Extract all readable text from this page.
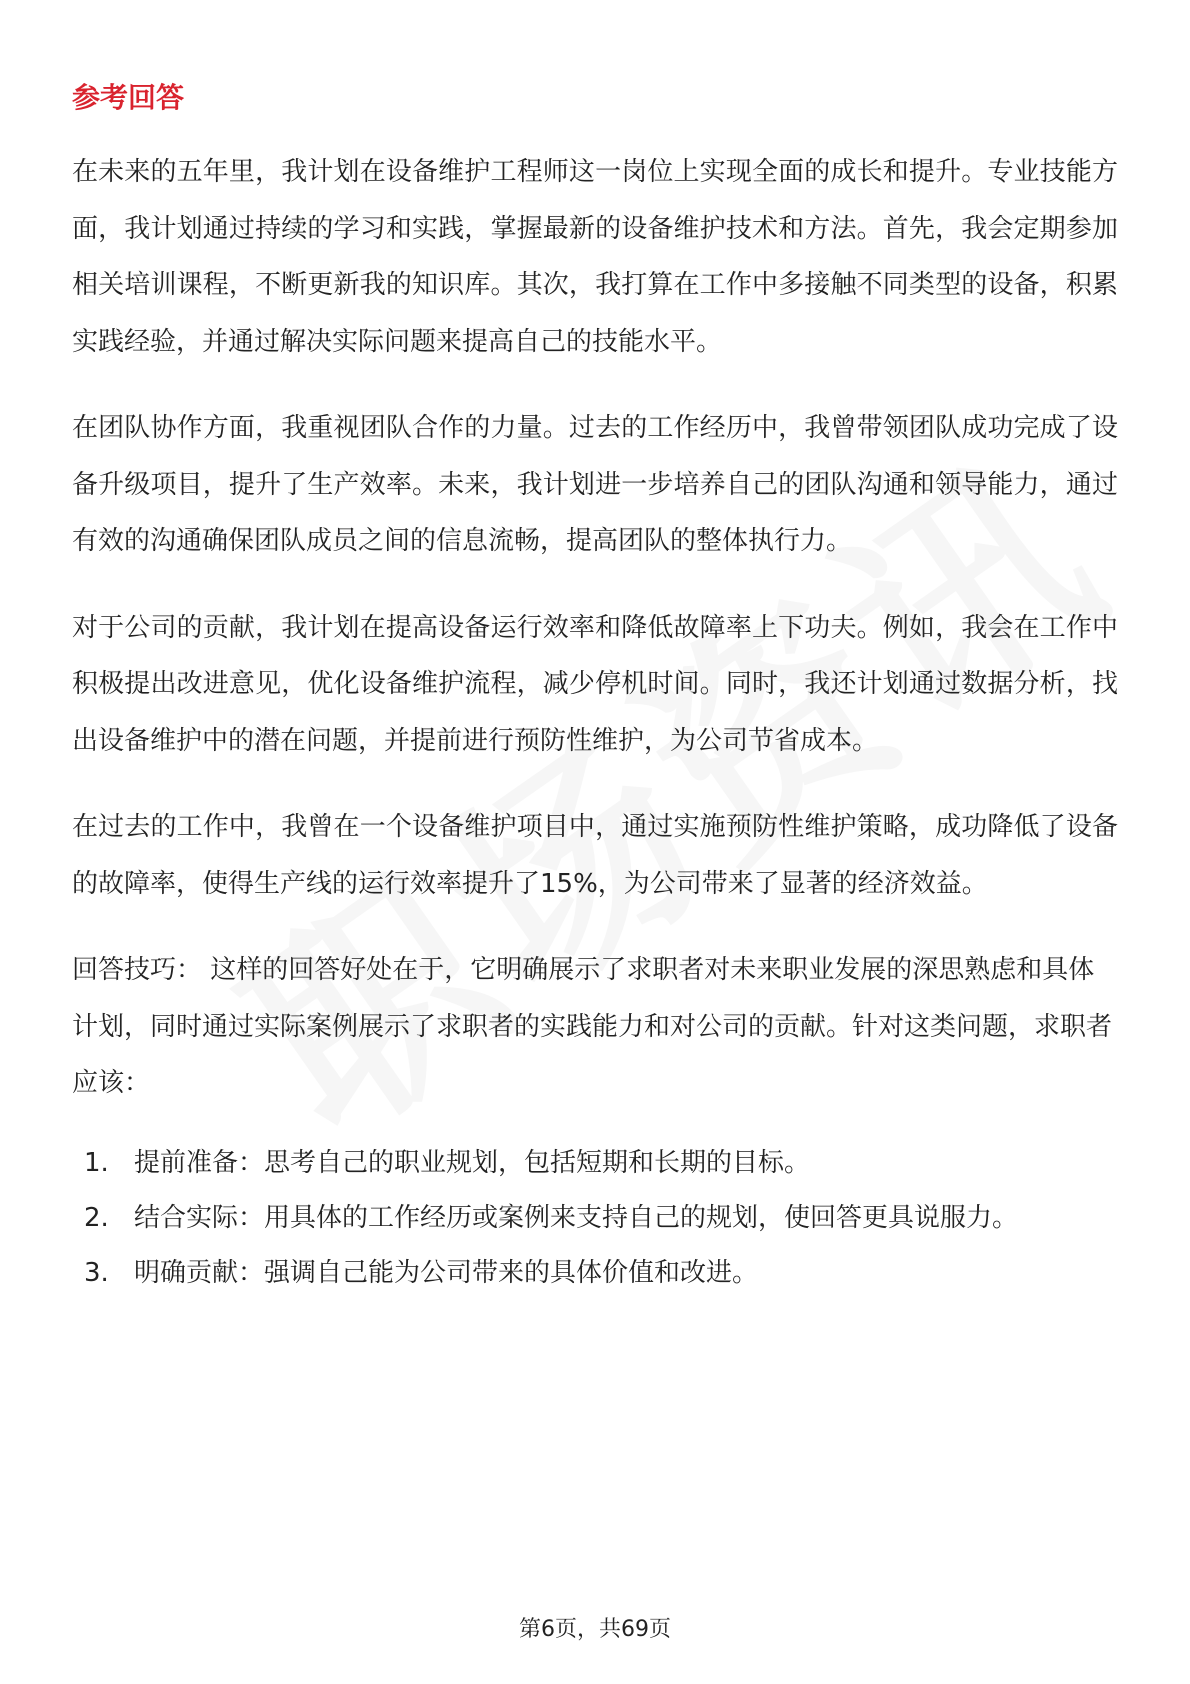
参考回答

在未来的五年里，我计划在设备维护工程师这一岗位上实现全面的成长和提升。专业技能方面，我计划通过持续的学习和实践，掌握最新的设备维护技术和方法。首先，我会定期参加相关培训课程，不断更新我的知识库。其次，我打算在工作中多接触不同类型的设备，积累实践经验，并通过解决实际问题来提高自己的技能水平。

在团队协作方面，我重视团队合作的力量。过去的工作经历中，我曾带领团队成功完成了设备升级项目，提升了生产效率。未来，我计划进一步培养自己的团队沟通和领导能力，通过有效的沟通确保团队成员之间的信息流畅，提高团队的整体执行力。

对于公司的贡献，我计划在提高设备运行效率和降低故障率上下功夫。例如，我会在工作中积极提出改进意见，优化设备维护流程，减少停机时间。同时，我还计划通过数据分析，找出设备维护中的潜在问题，并提前进行预防性维护，为公司节省成本。

在过去的工作中，我曾在一个设备维护项目中，通过实施预防性维护策略，成功降低了设备的故障率，使得生产线的运行效率提升了15%，为公司带来了显著的经济效益。

回答技巧： 这样的回答好处在于，它明确展示了求职者对未来职业发展的深思熟虑和具体计划，同时通过实际案例展示了求职者的实践能力和对公司的贡献。针对这类问题，求职者应该：

1. 提前准备：思考自己的职业规划，包括短期和长期的目标。
2. 结合实际：用具体的工作经历或案例来支持自己的规划，使回答更具说服力。
3. 明确贡献：强调自己能为公司带来的具体价值和改进。
第6页，共69页
